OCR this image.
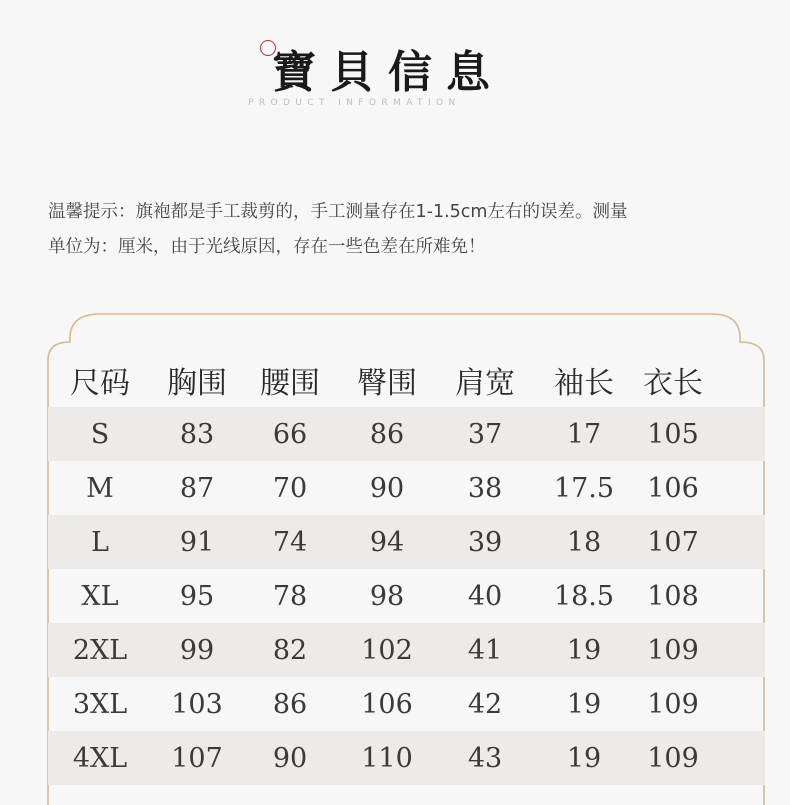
寶貝信息
PRODUCT INFORMATION
温馨提示：旗袍都是手工裁剪的，手工测量存在1-1.5cm左右的误差。测量
单位为：厘米，由于光线原因，存在一些色差在所难免！
尺码 胸围 腰围 臀围 肩宽 袖长 衣长
S	83 66 86 37 17 105
M 87 70 90 38 17.5 106
L	91 74 94 39 18 107
XL 95 78 98 40 18.5 108
2XL 99 82 102 41 19 109
3XL 103 86 106 42 19 109
4XL 107 90 110 43 19 109
